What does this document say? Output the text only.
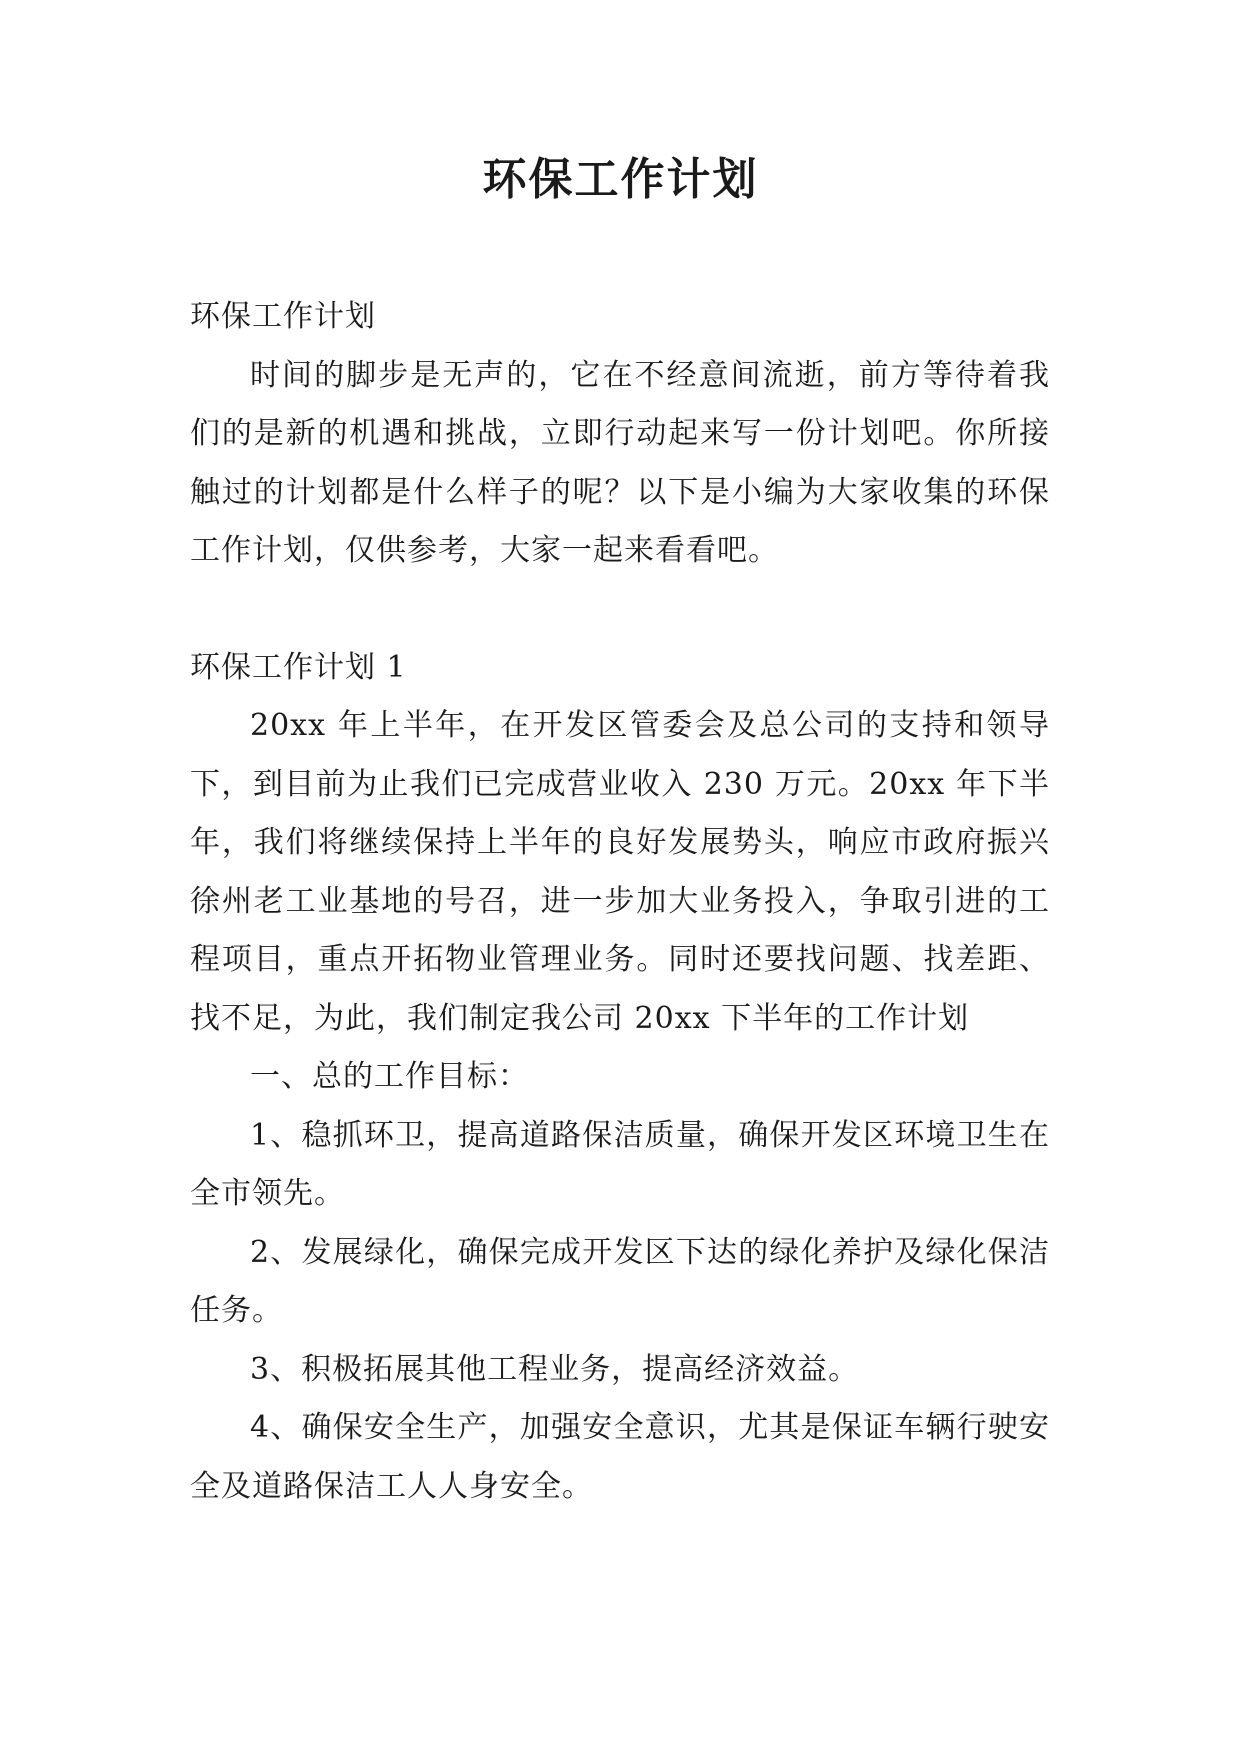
环保工作计划

环保工作计划

时间的脚步是无声的，它在不经意间流逝，前方等待着我们的是新的机遇和挑战，立即行动起来写一份计划吧。你所接触过的计划都是什么样子的呢？以下是小编为大家收集的环保工作计划，仅供参考，大家一起来看看吧。

环保工作计划 1

20xx 年上半年，在开发区管委会及总公司的支持和领导下，到目前为止我们已完成营业收入 230 万元。20xx 年下半年，我们将继续保持上半年的良好发展势头，响应市政府振兴徐州老工业基地的号召，进一步加大业务投入，争取引进的工程项目，重点开拓物业管理业务。同时还要找问题、找差距、找不足，为此，我们制定我公司 20xx 下半年的工作计划

一、总的工作目标：

1、稳抓环卫，提高道路保洁质量，确保开发区环境卫生在全市领先。

2、发展绿化，确保完成开发区下达的绿化养护及绿化保洁任务。

3、积极拓展其他工程业务，提高经济效益。

4、确保安全生产，加强安全意识，尤其是保证车辆行驶安全及道路保洁工人人身安全。
